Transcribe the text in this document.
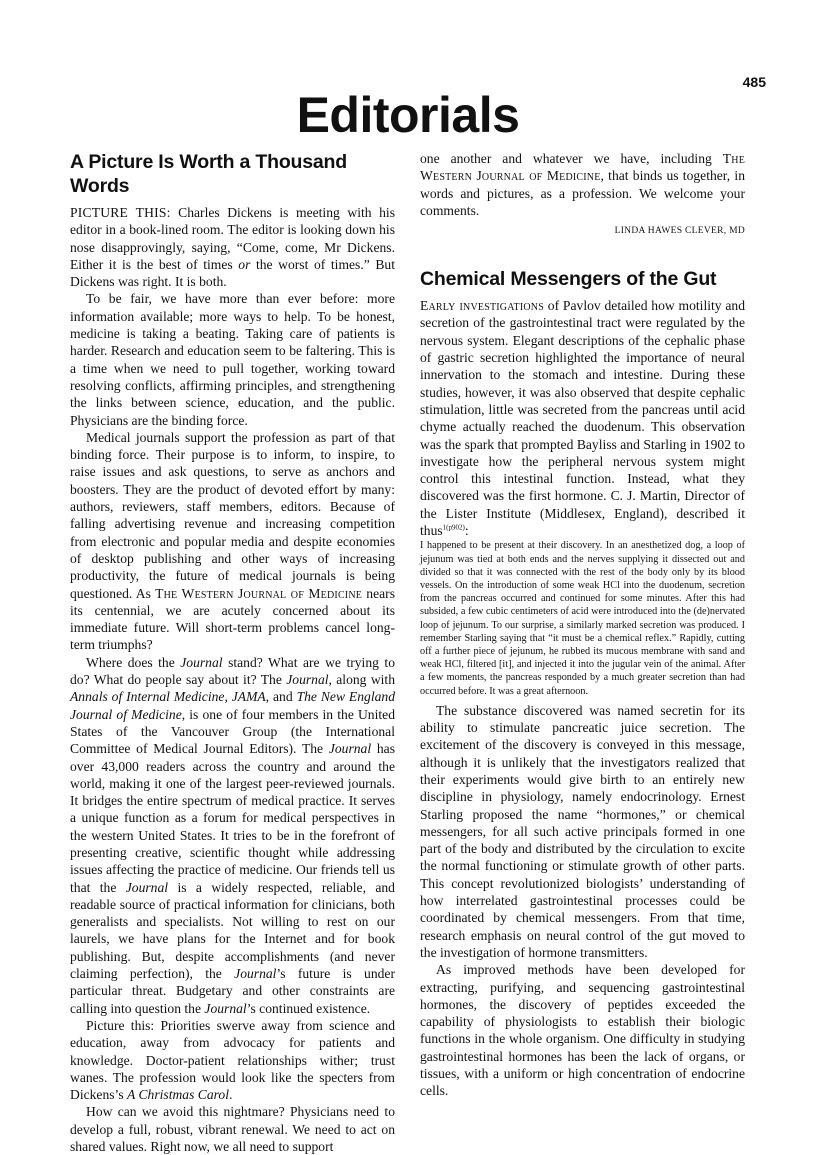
485
Editorials
A Picture Is Worth a Thousand Words

PICTURE THIS: Charles Dickens is meeting with his editor in a book-lined room. The editor is looking down his nose disapprovingly, saying, “Come, come, Mr Dickens. Either it is the best of times or the worst of times.” But Dickens was right. It is both.

To be fair, we have more than ever before: more information available; more ways to help. To be honest, medicine is taking a beating. Taking care of patients is harder. Research and education seem to be faltering. This is a time when we need to pull together, working toward resolving conflicts, affirming principles, and strengthening the links between science, education, and the public. Physicians are the binding force.

Medical journals support the profession as part of that binding force. Their purpose is to inform, to inspire, to raise issues and ask questions, to serve as anchors and boosters. They are the product of devoted effort by many: authors, reviewers, staff members, editors. Because of falling advertising revenue and increasing competition from electronic and popular media and despite economies of desktop publishing and other ways of increasing productivity, the future of medical journals is being questioned. As The Western Journal of Medicine nears its centennial, we are acutely concerned about its immediate future. Will short-term problems cancel long-term triumphs?

Where does the Journal stand? What are we trying to do? What do people say about it? The Journal, along with Annals of Internal Medicine, JAMA, and The New England Journal of Medicine, is one of four members in the United States of the Vancouver Group (the International Committee of Medical Journal Editors). The Journal has over 43,000 readers across the country and around the world, making it one of the largest peer-reviewed journals. It bridges the entire spectrum of medical practice. It serves a unique function as a forum for medical perspectives in the western United States. It tries to be in the forefront of presenting creative, scientific thought while addressing issues affecting the practice of medicine. Our friends tell us that the Journal is a widely respected, reliable, and readable source of practical information for clinicians, both generalists and specialists. Not willing to rest on our laurels, we have plans for the Internet and for book publishing. But, despite accomplishments (and never claiming perfection), the Journal’s future is under particular threat. Budgetary and other constraints are calling into question the Journal’s continued existence.

Picture this: Priorities swerve away from science and education, away from advocacy for patients and knowledge. Doctor-patient relationships wither; trust wanes. The profession would look like the specters from Dickens’s A Christmas Carol.

How can we avoid this nightmare? Physicians need to develop a full, robust, vibrant renewal. We need to act on shared values. Right now, we all need to support

one another and whatever we have, including The Western Journal of Medicine, that binds us together, in words and pictures, as a profession. We welcome your comments.

LINDA HAWES CLEVER, MD

Chemical Messengers of the Gut

Early investigations of Pavlov detailed how motility and secretion of the gastrointestinal tract were regulated by the nervous system. Elegant descriptions of the cephalic phase of gastric secretion highlighted the importance of neural innervation to the stomach and intestine. During these studies, however, it was also observed that despite cephalic stimulation, little was secreted from the pancreas until acid chyme actually reached the duodenum. This observation was the spark that prompted Bayliss and Starling in 1902 to investigate how the peripheral nervous system might control this intestinal function. Instead, what they discovered was the first hormone. C. J. Martin, Director of the Lister Institute (Middlesex, England), described it thus$^{1(p902)}$:

I happened to be present at their discovery. In an anesthetized dog, a loop of jejunum was tied at both ends and the nerves supplying it dissected out and divided so that it was connected with the rest of the body only by its blood vessels. On the introduction of some weak HCl into the duodenum, secretion from the pancreas occurred and continued for some minutes. After this had subsided, a few cubic centimeters of acid were introduced into the (de)nervated loop of jejunum. To our surprise, a similarly marked secretion was produced. I remember Starling saying that “it must be a chemical reflex.” Rapidly, cutting off a further piece of jejunum, he rubbed its mucous membrane with sand and weak HCl, filtered [it], and injected it into the jugular vein of the animal. After a few moments, the pancreas responded by a much greater secretion than had occurred before. It was a great afternoon.

The substance discovered was named secretin for its ability to stimulate pancreatic juice secretion. The excitement of the discovery is conveyed in this message, although it is unlikely that the investigators realized that their experiments would give birth to an entirely new discipline in physiology, namely endocrinology. Ernest Starling proposed the name “hormones,” or chemical messengers, for all such active principals formed in one part of the body and distributed by the circulation to excite the normal functioning or stimulate growth of other parts. This concept revolutionized biologists’ understanding of how interrelated gastrointestinal processes could be coordinated by chemical messengers. From that time, research emphasis on neural control of the gut moved to the investigation of hormone transmitters.

As improved methods have been developed for extracting, purifying, and sequencing gastrointestinal hormones, the discovery of peptides exceeded the capability of physiologists to establish their biologic functions in the whole organism. One difficulty in studying gastrointestinal hormones has been the lack of organs, or tissues, with a uniform or high concentration of endocrine cells.
